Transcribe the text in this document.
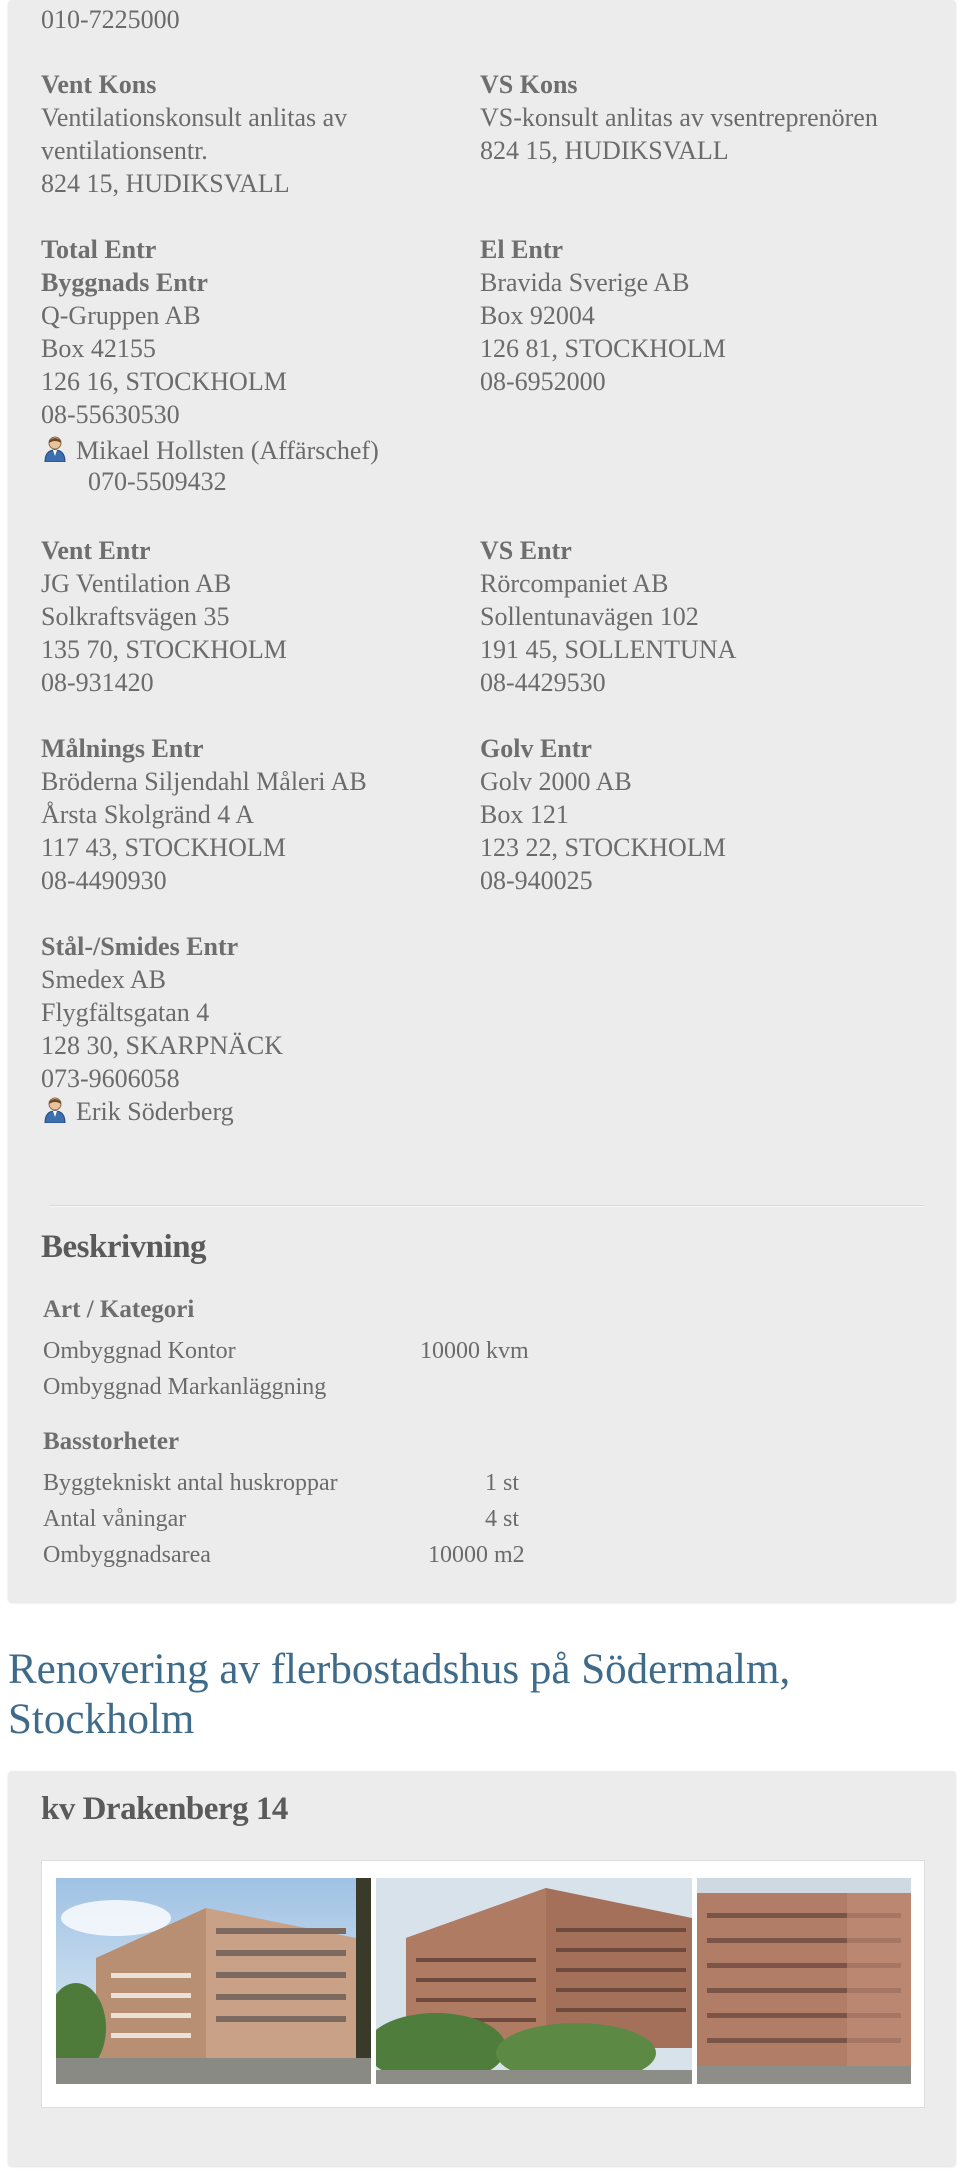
010-7225000
Vent Kons
Ventilationskonsult anlitas av
ventilationsentr.
824 15, HUDIKSVALL
Total Entr
Byggnads Entr
Q-Gruppen AB
Box 42155
126 16, STOCKHOLM
08-55630530
Mikael Hollsten (Affärschef)
070-5509432
Vent Entr
JG Ventilation AB
Solkraftsvägen 35
135 70, STOCKHOLM
08-931420
Målnings Entr
Bröderna Siljendahl Måleri AB
Årsta Skolgränd 4 A
117 43, STOCKHOLM
08-4490930
Stål-/Smides Entr
Smedex AB
Flygfältsgatan 4
128 30, SKARPNÄCK
073-9606058
Erik Söderberg
VS Kons
VS-konsult anlitas av vsentreprenören
824 15, HUDIKSVALL
El Entr
Bravida Sverige AB
Box 92004
126 81, STOCKHOLM
08-6952000
VS Entr
Rörcompaniet AB
Sollentunavägen 102
191 45, SOLLENTUNA
08-4429530
Golv Entr
Golv 2000 AB
Box 121
123 22, STOCKHOLM
08-940025
Beskrivning
Art / Kategori
Ombyggnad Kontor	10000 kvm
Ombyggnad Markanläggning
Basstorheter
Byggtekniskt antal huskroppar	1 st
Antal våningar	4 st
Ombyggnadsarea	10000 m2
Renovering av flerbostadshus på Södermalm, Stockholm
kv Drakenberg 14
